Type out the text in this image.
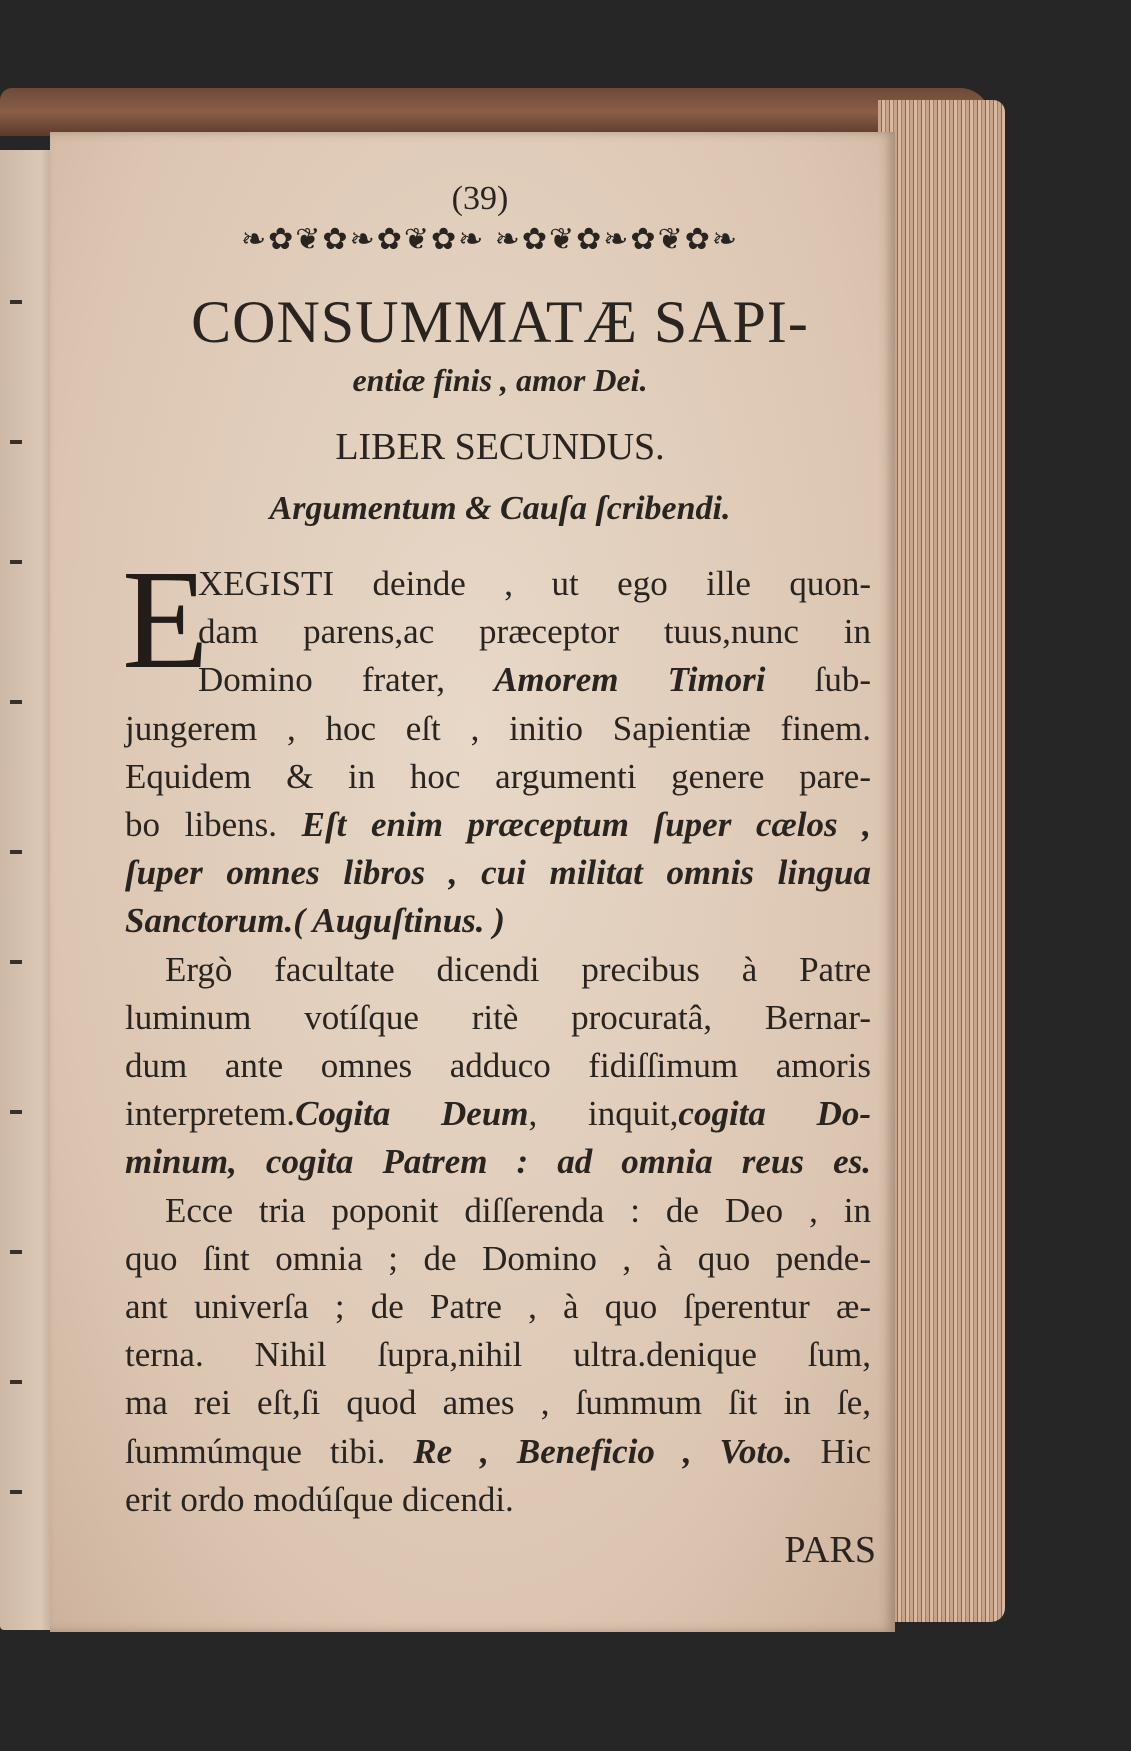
(39)
❧✿❦✿❧✿❦✿❧ ❧✿❦✿❧✿❦✿❧
CONSUMMATÆ SAPI-
entiæ finis , amor Dei.
LIBER SECUNDUS.
Argumentum & Cauſa ſcribendi.
E
XEGISTI deinde , ut ego ille quon-
dam parens,ac præceptor tuus,nunc in
Domino frater, Amorem Timori ſub-
jungerem , hoc eſt , initio Sapientiæ finem.
Equidem & in hoc argumenti genere pare-
bo libens. Eſt enim præceptum ſuper cælos ,
ſuper omnes libros , cui militat omnis lingua
Sanctorum.( Auguſtinus. )
Ergò facultate dicendi precibus à Patre
luminum votíſque ritè procuratâ, Bernar-
dum ante omnes adduco fidiſſimum amoris
interpretem.Cogita Deum, inquit,cogita Do-
minum, cogita Patrem : ad omnia reus es.
Ecce tria poponit diſſerenda : de Deo , in
quo ſint omnia ; de Domino , à quo pende-
ant univerſa ; de Patre , à quo ſperentur æ-
terna. Nihil ſupra,nihil ultra.denique ſum,
ma rei eſt,ſi quod ames , ſummum ſit in ſe,
ſummúmque tibi. Re , Beneficio , Voto. Hic
erit ordo modúſque dicendi.
PARS
